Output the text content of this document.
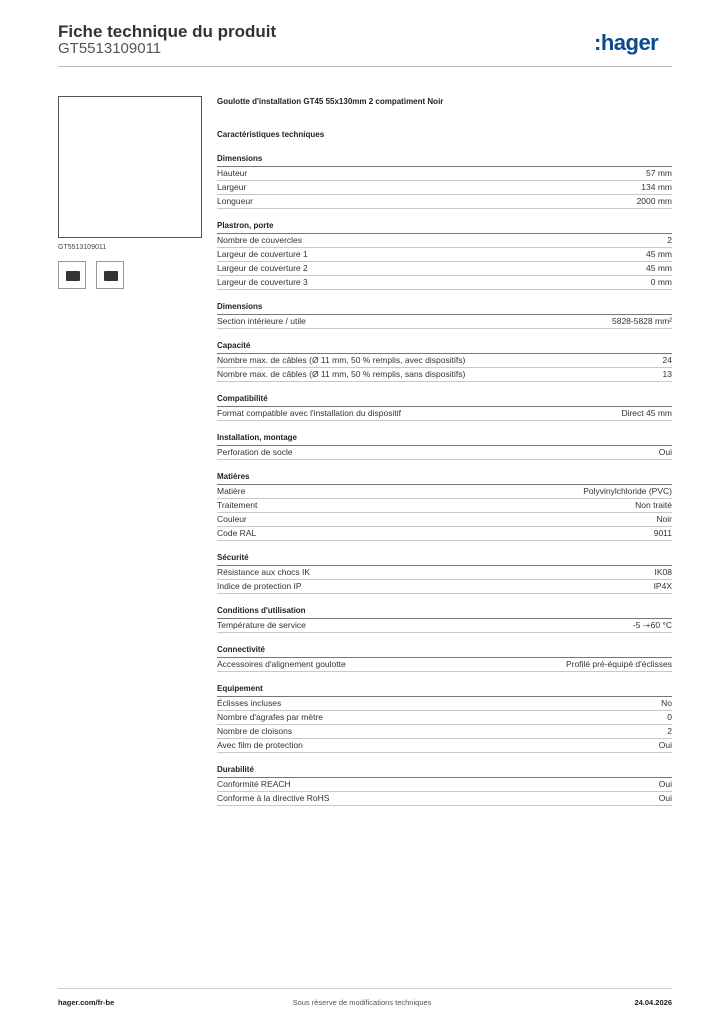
Fiche technique du produit
GT5513109011	:hager
GT5513109011
Goulotte d'installation GT45 55x130mm 2 compatiment Noir
Caractéristiques techniques
Dimensions
Hauteur	57 mm
Largeur	134 mm
Longueur	2000 mm
Plastron, porte
Nombre de couvercles	2
Largeur de couverture 1	45 mm
Largeur de couverture 2	45 mm
Largeur de couverture 3	0 mm
Dimensions
Section intérieure / utile	5828-5828 mm²
Capacité
Nombre max. de câbles (Ø 11 mm, 50 % remplis, avec dispositifs)	24
Nombre max. de câbles (Ø 11 mm, 50 % remplis, sans dispositifs)	13
Compatibilité
Format compatible avec l'installation du dispositif	Direct 45 mm
Installation, montage
Perforation de socle	Oui
Matières
Matière	Polyvinylchloride (PVC)
Traitement	Non traité
Couleur	Noir
Code RAL	9011
Sécurité
Résistance aux chocs IK	IK08
Indice de protection IP	IP4X
Conditions d'utilisation
Température de service	-5 -+60 °C
Connectivité
Accessoires d'alignement goulotte	Profilé pré-équipé d'éclisses
Equipement
Éclisses incluses	No
Nombre d'agrafes par mètre	0
Nombre de cloisons	2
Avec film de protection	Oui
Durabilité
Conformité REACH	Oui
Conforme à la directive RoHS	Oui
hager.com/fr-be	Sous réserve de modifications techniques	24.04.2026
